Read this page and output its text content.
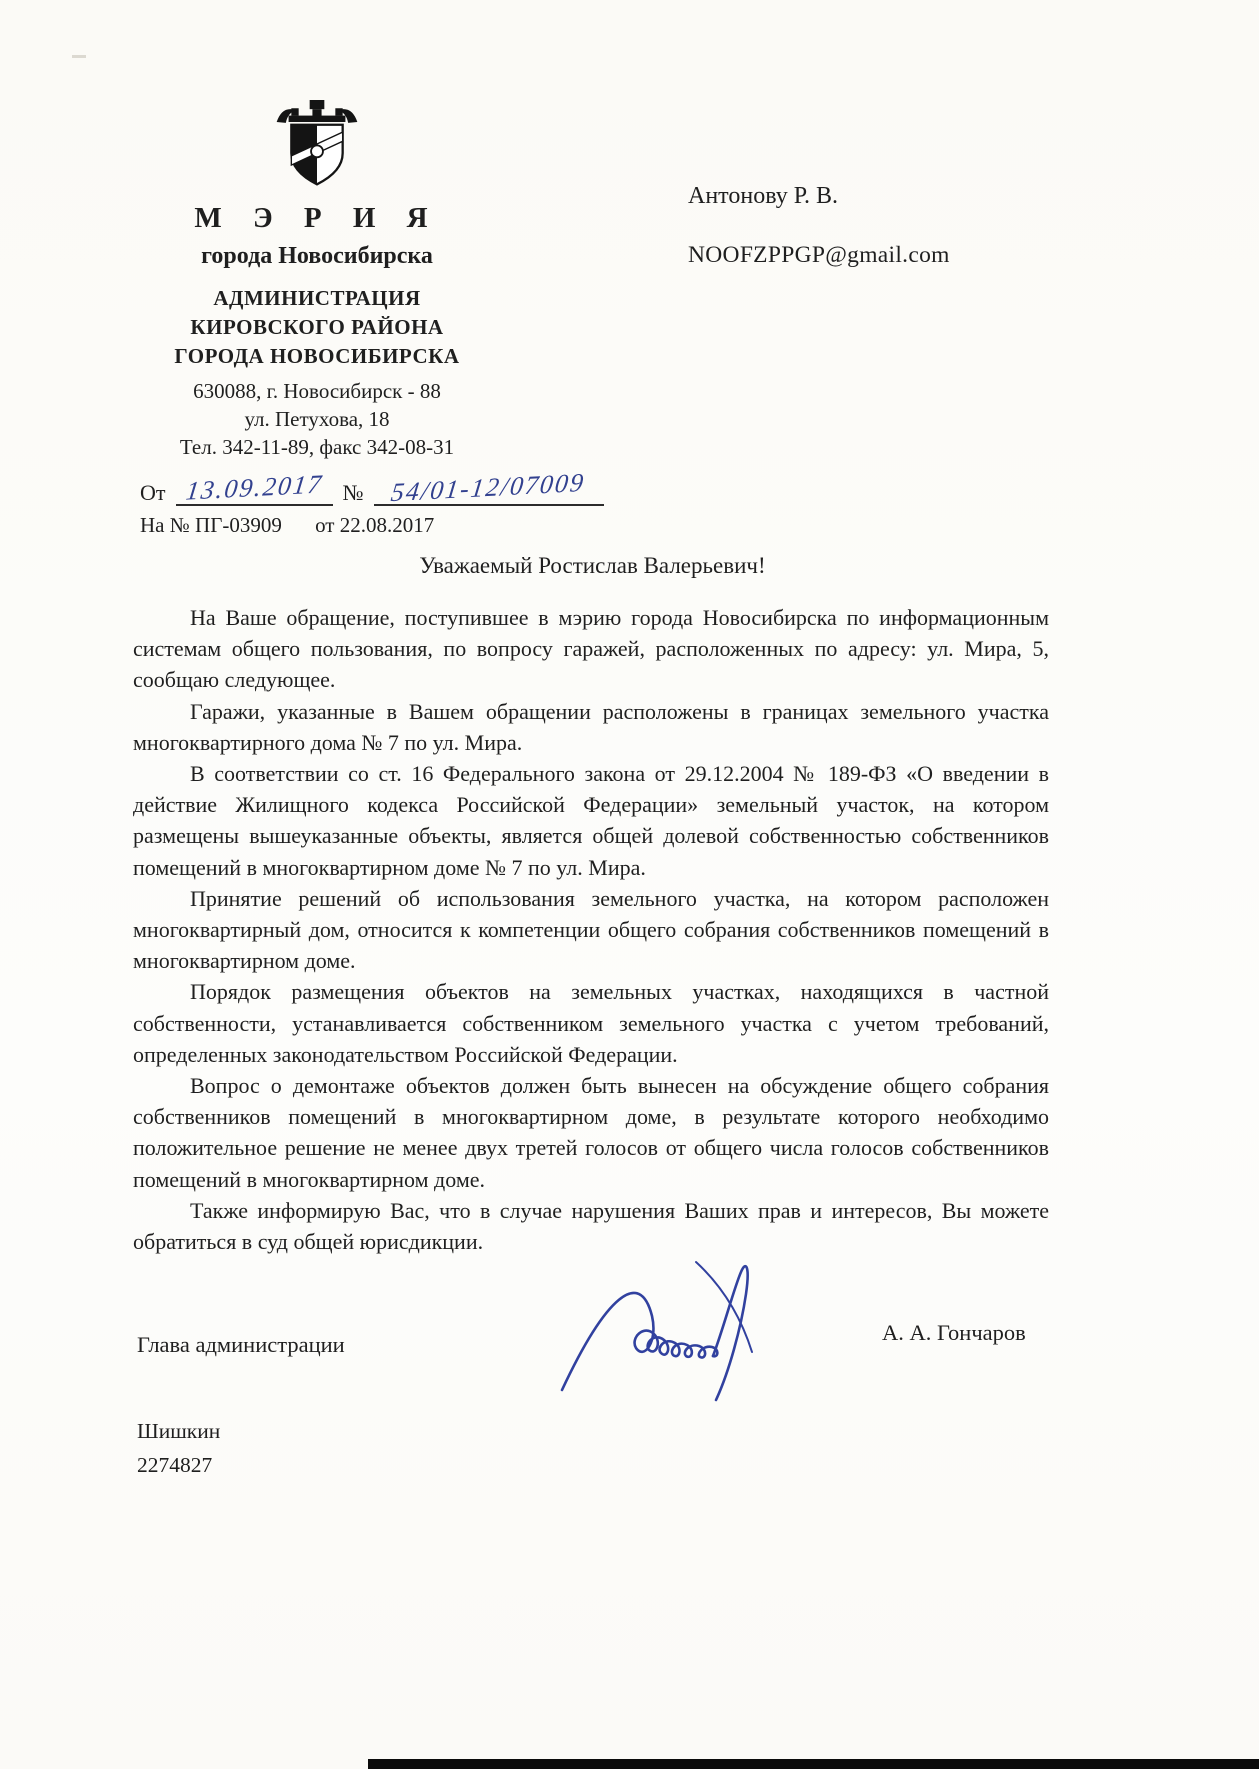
М Э Р И Я
города Новосибирска
АДМИНИСТРАЦИЯ
КИРОВСКОГО РАЙОНА
ГОРОДА НОВОСИБИРСКА
630088, г. Новосибирск - 88
ул. Петухова, 18
Тел. 342-11-89, факс 342-08-31
От 13.09.2017 №	54/01-12/07009
На № ПГ-03909 от 22.08.2017
Антонову Р. В.
NOOFZPPGP@gmail.com
Уважаемый Ростислав Валерьевич!

На Ваше обращение, поступившее в мэрию города Новосибирска по информационным системам общего пользования, по вопросу гаражей, расположенных по адресу: ул. Мира, 5, сообщаю следующее.

Гаражи, указанные в Вашем обращении расположены в границах земельного участка многоквартирного дома № 7 по ул. Мира.

В соответствии со ст. 16 Федерального закона от 29.12.2004 № 189-ФЗ «О введении в действие Жилищного кодекса Российской Федерации» земельный участок, на котором размещены вышеуказанные объекты, является общей долевой собственностью собственников помещений в многоквартирном доме № 7 по ул. Мира.

Принятие решений об использования земельного участка, на котором расположен многоквартирный дом, относится к компетенции общего собрания собственников помещений в многоквартирном доме.

Порядок размещения объектов на земельных участках, находящихся в частной собственности, устанавливается собственником земельного участка с учетом требований, определенных законодательством Российской Федерации.

Вопрос о демонтаже объектов должен быть вынесен на обсуждение общего собрания собственников помещений в многоквартирном доме, в результате которого необходимо положительное решение не менее двух третей голосов от общего числа голосов собственников помещений в многоквартирном доме.

Также информирую Вас, что в случае нарушения Ваших прав и интересов, Вы можете обратиться в суд общей юрисдикции.

Глава администрации	А. А. Гончаров
Шишкин
2274827
